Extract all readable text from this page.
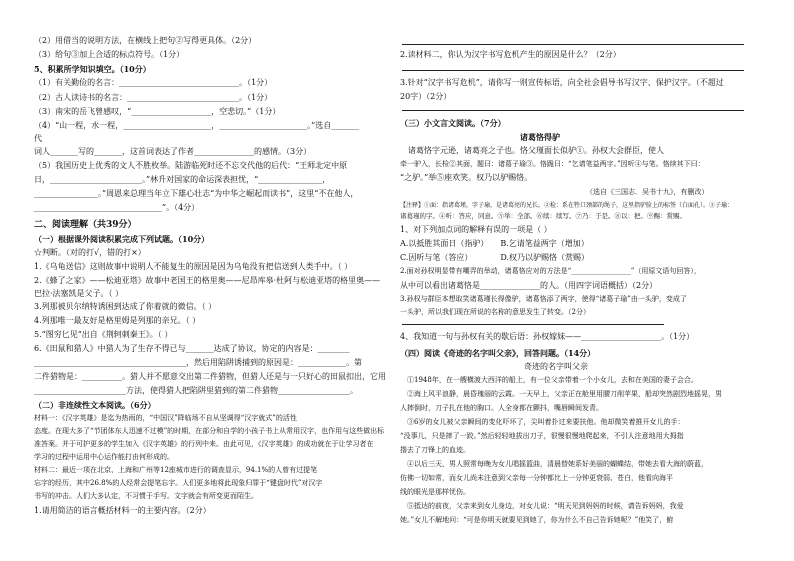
（2）用借当的说明方法，在横线上把句②写得更具体。（2分）
（3）给句③加上合适的标点符号。（1分）
5、积累所学知识填空。（10分）
（1）有关勤俭的名言：______________________________。（1分）
（2）古人读诗书的名言：____________________________。（1分）
（3）南宋的岳飞曾感叹，“____________________，空悲切。”（1分）
（4）“山一程，水一程，______________________，______________________。”选自_______
代
词人_______写的_______，这首词表达了作者_______________的感情。（3分）
（5）我国历史上优秀的文人不胜枚举。陆游临死时还不忘交代他的后代：“王师北定中原
日，_______________________。”林升对国家的命运深表担忧，“________________，
________________。”周恩来总理当年立下雄心壮志“为中华之崛起而读书”，这里“不在他人，
________________________________”。（4分）
二、阅读理解（共39分）
（一）根据课外阅读积累完成下列试题。（10分）
☆判断。（对的打√，错的打×）
1.《乌龟送信》这则故事中说明人不能复生的原因是因为乌龟没有把信送到人类手中。（ ）
2.《蜂了之家》——松迪亚塔》故事中老国王的格里奥——尼昂库皋·杜阿与松迪亚塔的格里奥——
巴拉·法塞凯是父子。（ ）
3.列那被贝尔纳特诱困到达成了你着就的微信。（ ）
4.列那唯一最友好是格里姆是列那的亲兄。（ ）
5.“图穷匕见”出自《荆轲刺秦王》。（ ）
6.《田鼠和猎人》中猎人为了生存不得已与_______达成了协议，协定的内容是：________
______________________________________，然后用陷阱诱捕到的原因是：____________。第
二件猎物是：__________。猎人并不愿意交出第二件猎物，但猎人还是与一只好心的田鼠扣出，它用
_______________________方法，使得猎人把陷阱里猎到的第二件猎物__________________。
（二）非连续性文本阅读。（6分）
材料一：《汉字英雄》是迄为热雨的，“中国汉”降临场不自从坚调得“汉字就式”的活性
态度。在现大多了“节团体东人迅速不过模”的时期，在部分和自学的小孩子书上从常用汉字，也作用与这些做出标
准答案。并于可护更多的学生加入《汉字英雄》的行列中来。由此可见，《汉字英雄》的成功就在于让学习者在
学习的过程中运用中心运作能打由何形成的。
材料二：最近一项在北京、上海和广州等12座城市进行的调查显示，94.1%的人曾有过提笔
忘字的经历，其中26.8%的人经常会提笔忘字。人们更多地将此现象归罪于“键盘时代”对汉字
书写的冲击。人们大多认定，不习惯于手写。文字就会有所变更而陌生。
1.请用简洁的语言概括材料一的主要内容。（2分）
2.读材料二，你认为汉字书写危机产生的原因是什么？（2分）
3.针对“汉字书写危机”，请你写一则宣传标语，向全社会倡导书写汉字、保护汉字。（不超过
20字）（2分）
（三）小文言文阅读。（7分）
诸葛恪得驴
　诸葛恪字元逊，诸葛亮之子也。恪父瑾面长似驴①。孙权大会群臣，使人
牵一驴入，长检②其面，题曰：诸葛子瑜③。恪跪曰：“乞请笔益两字。”因听④与笔。恪续其下曰：
“之驴。”举⑤座欢笑。权乃以驴赐恪。
（选自《三国志．吴书十九》，有删改）
【注释】①面：指诸葛瑾，字子瑜，是诸葛亮的兄长。②检：系在牲口颈部的绳子，这里指驴脸上的标签（白面孔）。③子瑜：
诸葛瑾的字。④听：答应，同意。⑤举：全部。⑥续：续写。⑦乃：于是。⑧以：把。⑨赐：赏赐。
1、对下列加点词的解释有误的一项是（ ）
A.以抵胜其面日（指驴）　　B.乞请笔益两字（增加）
C.因听与笔（答应）　　　　D.权乃以驴赐恪（赏赐）
2.面对孙权明显带有嘲弄的举动，诸葛恪应对的方法是“_________________”（用原文语句回答），
从中可以看出诸葛恪是_______________的人。（用四字词语概括）（2分）
3.孙权与群臣本想取笑诸葛瑾长得像驴，诸葛恪添了两字，使得“诸葛子瑜”由一头驴，变成了
一头驴，所以我们现在所说的名称的意思发生了转变。（2分）
4、我知道一句与孙权有关的歇后语：孙权嫁妹——____________________。（1分）
（四）阅读《奇迹的名字叫父亲》，回答问题。（14分）
奇迹的名字叫父亲
　①1948年，在一艘横渡大西洋的船上，有一位父亲带着一个小女儿，去和在美国的妻子会合。
　②海上风平浪静，晨昏瑰丽的云霞。一天早上，父亲正在舱里用腰刀削苹果，船却突然剧烈地摇晃，男
人摔倒时，刀子扎在他的胸口。人全身都在颤抖，嘴唇瞬间发青。
　③6岁的女儿被父亲瞬间的变化吓坏了，尖叫着扑过来要扶他。他却微笑着推开女儿的手：
“没事儿，只是摔了一跤。”然后轻轻地拔出刀子，很慢很慢地爬起来，不引人注意地用大拇指
揩去了刀锋上的血迹。
　④以后三天，男人照常每晚为女儿唱摇篮曲，清晨替她系好美丽的蝴蝶结，带她去看大海的蔚蓝，
仿佛一切如常，而女儿尚未注意到父亲每一分钟都比上一分钟更衰弱、苍白，他看向海平
线的眼光是那样忧伤。
　⑤抵达的前夜，父亲来到女儿身边，对女儿说：“明天见到妈妈的时候，请告诉妈妈，我爱
她。”女儿不解地问：“可是你明天就要见到她了，你为什么不自己告诉她呢？”他笑了，俯
